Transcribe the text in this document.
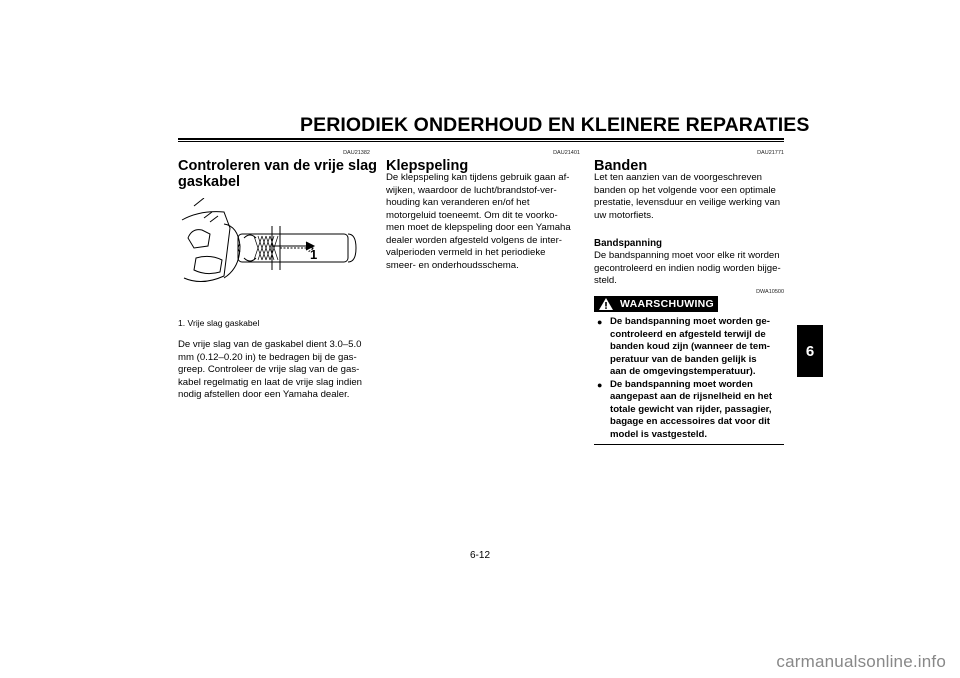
PERIODIEK ONDERHOUD EN KLEINERE REPARATIES
6
DAU21382
Controleren van de vrije slag
gaskabel
1
1. Vrije slag gaskabel

De vrije slag van de gaskabel dient 3.0–5.0

mm (0.12–0.20 in) te bedragen bij de gas-

greep. Controleer de vrije slag van de gas-

kabel regelmatig en laat de vrije slag indien

nodig afstellen door een Yamaha dealer.

DAU21401
Klepspeling

De klepspeling kan tijdens gebruik gaan af-

wijken, waardoor de lucht/brandstof-ver-

houding kan veranderen en/of het

motorgeluid toeneemt. Om dit te voorko-

men moet de klepspeling door een Yamaha

dealer worden afgesteld volgens de inter-

valperioden vermeld in het periodieke

smeer- en onderhoudsschema.

DAU21771
Banden

Let ten aanzien van de voorgeschreven

banden op het volgende voor een optimale

prestatie, levensduur en veilige werking van

uw motorfiets.

Bandspanning

De bandspanning moet voor elke rit worden

gecontroleerd en indien nodig worden bijge-

steld.

DWA10500
WAARSCHUWING
● De bandspanning moet worden ge-
controleerd en afgesteld terwijl de
banden koud zijn (wanneer de tem-
peratuur van de banden gelijk is
aan de omgevingstemperatuur).
● De bandspanning moet worden
aangepast aan de rijsnelheid en het
totale gewicht van rijder, passagier,
bagage en accessoires dat voor dit
model is vastgesteld.
6-12
carmanualsonline.info
